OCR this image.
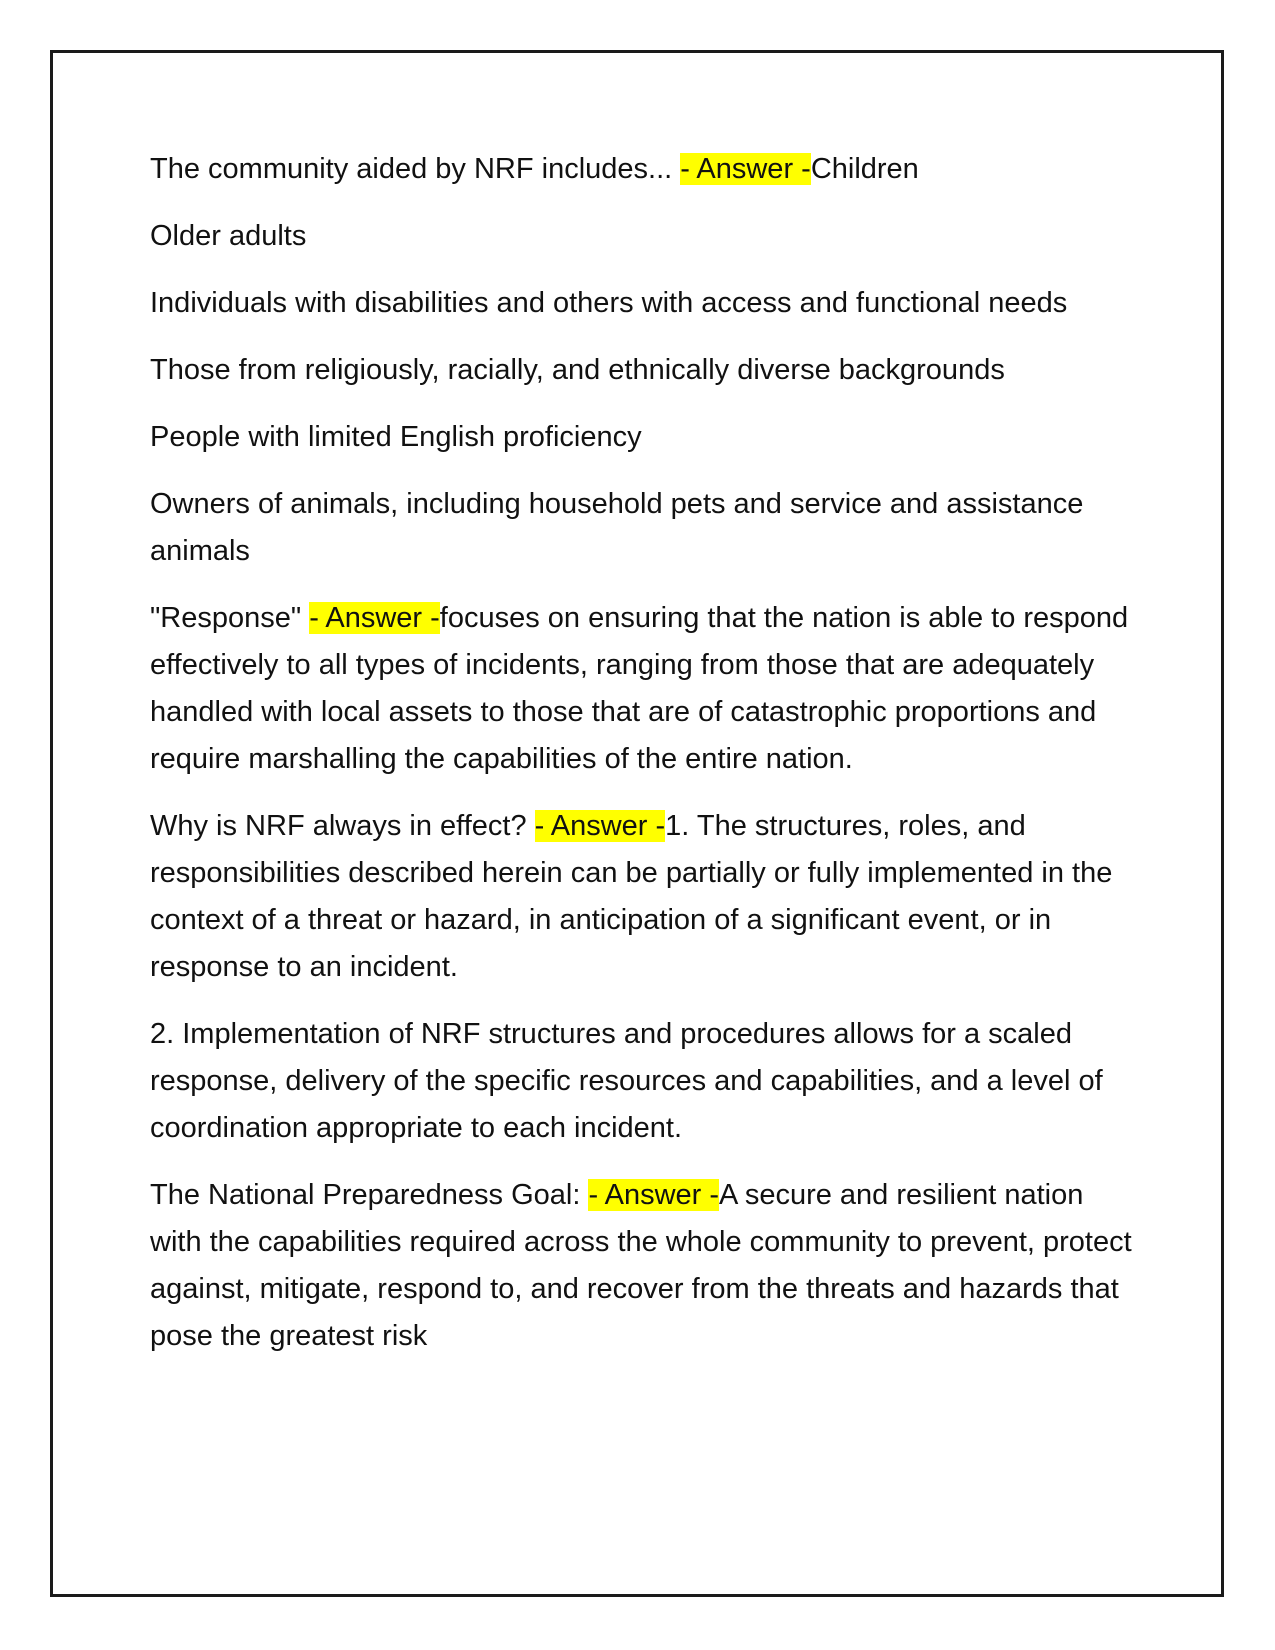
The community aided by NRF includes... - Answer -Children

Older adults

Individuals with disabilities and others with access and functional needs

Those from religiously, racially, and ethnically diverse backgrounds

People with limited English proficiency

Owners of animals, including household pets and service and assistance animals

"Response" - Answer -focuses on ensuring that the nation is able to respond effectively to all types of incidents, ranging from those that are adequately handled with local assets to those that are of catastrophic proportions and require marshalling the capabilities of the entire nation.

Why is NRF always in effect? - Answer -1. The structures, roles, and responsibilities described herein can be partially or fully implemented in the context of a threat or hazard, in anticipation of a significant event, or in response to an incident.

2. Implementation of NRF structures and procedures allows for a scaled response, delivery of the specific resources and capabilities, and a level of coordination appropriate to each incident.

The National Preparedness Goal: - Answer -A secure and resilient nation with the capabilities required across the whole community to prevent, protect against, mitigate, respond to, and recover from the threats and hazards that pose the greatest risk
